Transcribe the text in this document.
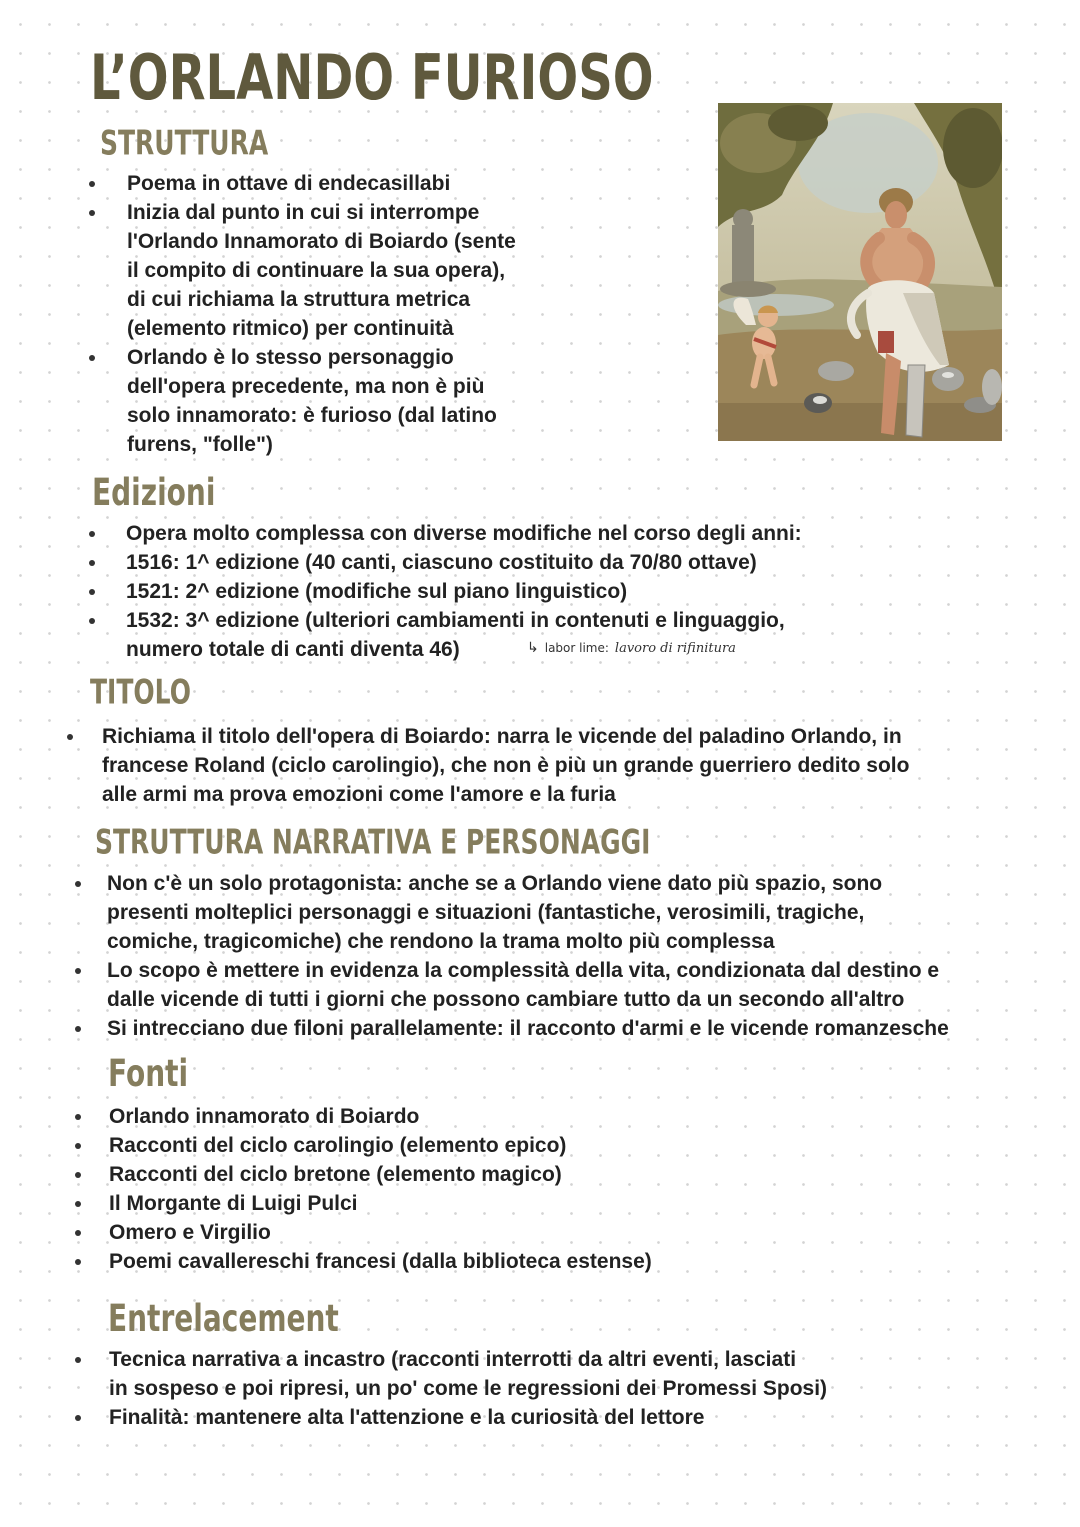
L’ORLANDO FURIOSO
STRUTTURA
Poema in ottave di endecasillabi
Inizia dal punto in cui si interrompe
l'Orlando Innamorato di Boiardo (sente
il compito di continuare la sua opera),
di cui richiama la struttura metrica
(elemento ritmico) per continuità
Orlando è lo stesso personaggio
dell'opera precedente, ma non è più
solo innamorato: è furioso (dal latino
furens, "folle")
Edizioni
Opera molto complessa con diverse modifiche nel corso degli anni:
1516: 1^ edizione (40 canti, ciascuno costituito da 70/80 ottave)
1521: 2^ edizione (modifiche sul piano linguistico)
1532: 3^ edizione (ulteriori cambiamenti in contenuti e linguaggio,
numero totale di canti diventa 46)	↳ labor lime: lavoro di rifinitura
TITOLO
Richiama il titolo dell'opera di Boiardo: narra le vicende del paladino Orlando, in
francese Roland (ciclo carolingio), che non è più un grande guerriero dedito solo
alle armi ma prova emozioni come l'amore e la furia
STRUTTURA NARRATIVA E PERSONAGGI
Non c'è un solo protagonista: anche se a Orlando viene dato più spazio, sono
presenti molteplici personaggi e situazioni (fantastiche, verosimili, tragiche,
comiche, tragicomiche) che rendono la trama molto più complessa
Lo scopo è mettere in evidenza la complessità della vita, condizionata dal destino e
dalle vicende di tutti i giorni che possono cambiare tutto da un secondo all'altro
Si intrecciano due filoni parallelamente: il racconto d'armi e le vicende romanzesche
Fonti
Orlando innamorato di Boiardo
Racconti del ciclo carolingio (elemento epico)
Racconti del ciclo bretone (elemento magico)
Il Morgante di Luigi Pulci
Omero e Virgilio
Poemi cavallereschi francesi (dalla biblioteca estense)
Entrelacement
Tecnica narrativa a incastro (racconti interrotti da altri eventi, lasciati
in sospeso e poi ripresi, un po' come le regressioni dei Promessi Sposi)
Finalità: mantenere alta l'attenzione e la curiosità del lettore
